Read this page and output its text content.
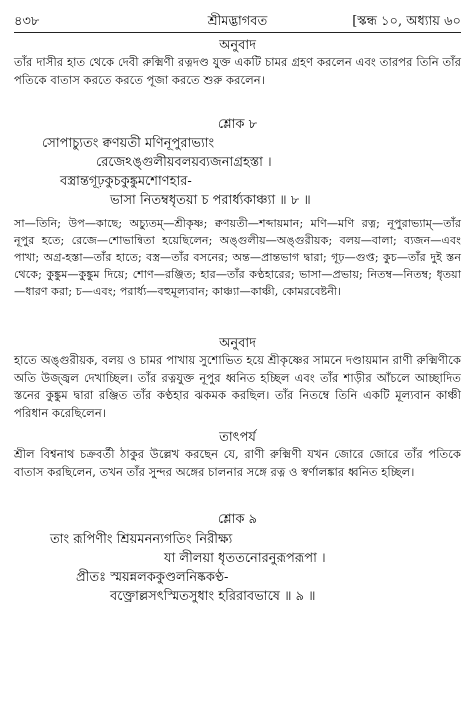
৪৩৮	শ্রীমদ্ভাগবত	[স্কন্ধ ১০, অধ্যায় ৬০
অনুবাদ
তাঁর দাসীর হাত থেকে দেবী রুক্মিণী রত্নদণ্ড যুক্ত একটি চামর গ্রহণ করলেন এবং তারপর তিনি তাঁর পতিকে বাতাস করতে করতে পূজা করতে শুরু করলেন।
শ্লোক ৮
সোপাচ্যুতং ক্বণয়তী মণিনূপুরাভ্যাং
রেজেঽঙ্গুলীয়বলয়ব্যজনাগ্রহস্তা ।
বস্ত্রান্তগূঢ়কুচকুঙ্কুমশোণহার-
ভাসা নিতম্বধৃতয়া চ পরার্ধ্যকাঞ্চ্যা ॥ ৮ ॥
সা—তিনি; উপ—কাছে; অচ্যুতম্—শ্রীকৃষ্ণ; ক্বণয়তী—শব্দায়মান; মণি—মণি রত্ন; নূপুরাভ্যাম্—তাঁর নূপুর হতে; রেজে—শোভান্বিতা হয়েছিলেন; অঙ্গুলীয়—অঙ্গুরীয়ক; বলয়—বালা; ব্যজন—এবং পাখা; অগ্র-হস্তা—তাঁর হাতে; বস্ত্র—তাঁর বসনের; অন্ত—প্রান্তভাগ দ্বারা; গূঢ়—গুপ্ত; কুচ—তাঁর দুই স্তন থেকে; কুঙ্কুম—কুঙ্কুম দিয়ে; শোণ—রঞ্জিত; হার—তাঁর কণ্ঠহারের; ভাসা—প্রভায়; নিতম্ব—নিতম্ব; ধৃতয়া—ধারণ করা; চ—এবং; পরার্ধ্য—বহুমূল্যবান; কাঞ্চ্যা—কাঞ্চী, কোমরবেষ্টনী।
অনুবাদ
হাতে অঙ্গুরীয়ক, বলয় ও চামর পাখায় সুশোভিত হয়ে শ্রীকৃষ্ণের সামনে দণ্ডায়মান রাণী রুক্মিণীকে অতি উজ্জ্বল দেখাচ্ছিল। তাঁর রত্নযুক্ত নূপুর ধ্বনিত হচ্ছিল এবং তাঁর শাড়ীর আঁচলে আচ্ছাদিত স্তনের কুঙ্কুম দ্বারা রঞ্জিত তাঁর কণ্ঠহার ঝকমক করছিল। তাঁর নিতম্বে তিনি একটি মূল্যবান কাঞ্চী পরিধান করেছিলেন।
তাৎপর্য
শ্রীল বিশ্বনাথ চক্রবর্তী ঠাকুর উল্লেখ করছেন যে, রাণী রুক্মিণী যখন জোরে জোরে তাঁর পতিকে বাতাস করছিলেন, তখন তাঁর সুন্দর অঙ্গের চালনার সঙ্গে রত্ন ও স্বর্ণালঙ্কার ধ্বনিত হচ্ছিল।
শ্লোক ৯
তাং রূপিণীং শ্রিয়মনন্যগতিং নিরীক্ষ্য
যা লীলয়া ধৃততনোরনুরূপরূপা ।
প্রীতঃ স্ময়ন্নলককুণ্ডলনিষ্ককণ্ঠ-
বক্ত্রোল্লসৎস্মিতসুধাং হরিরাবভাষে ॥ ৯ ॥
